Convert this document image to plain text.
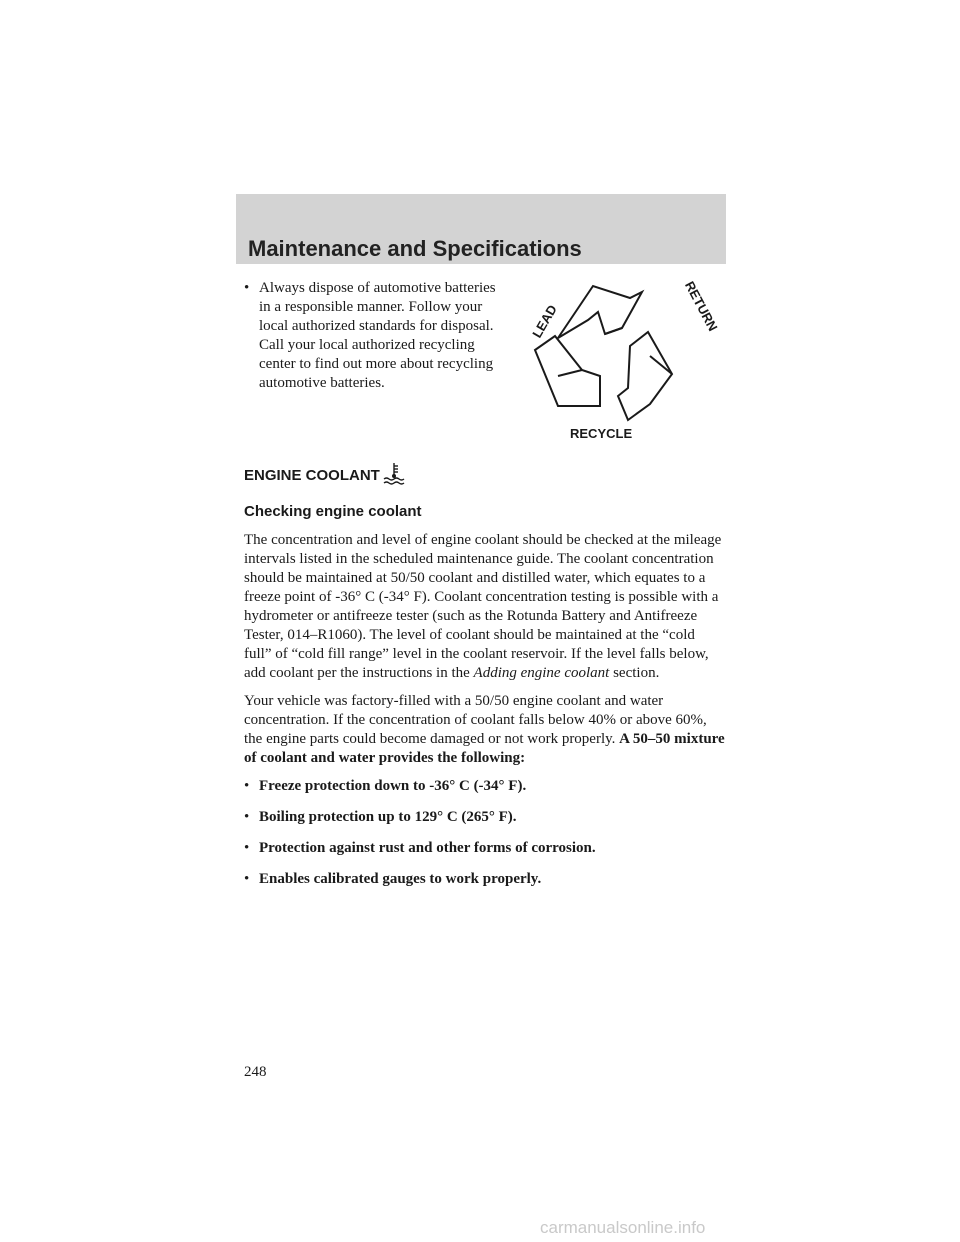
Maintenance and Specifications
• Always dispose of automotive batteries in a responsible manner. Follow your local authorized standards for disposal. Call your local authorized recycling center to find out more about recycling automotive batteries.
LEAD	RETURN
RECYCLE
ENGINE COOLANT
Checking engine coolant

The concentration and level of engine coolant should be checked at the mileage intervals listed in the scheduled maintenance guide. The coolant concentration should be maintained at 50/50 coolant and distilled water, which equates to a freeze point of -36° C (-34° F). Coolant concentration testing is possible with a hydrometer or antifreeze tester (such as the Rotunda Battery and Antifreeze Tester, 014–R1060). The level of coolant should be maintained at the “cold full” of “cold fill range” level in the coolant reservoir. If the level falls below, add coolant per the instructions in the Adding engine coolant section.

Your vehicle was factory-filled with a 50/50 engine coolant and water concentration. If the concentration of coolant falls below 40% or above 60%, the engine parts could become damaged or not work properly. A 50–50 mixture of coolant and water provides the following:

• Freeze protection down to -36° C (-34° F).
• Boiling protection up to 129° C (265° F).
• Protection against rust and other forms of corrosion.
• Enables calibrated gauges to work properly.
248
carmanualsonline.info
